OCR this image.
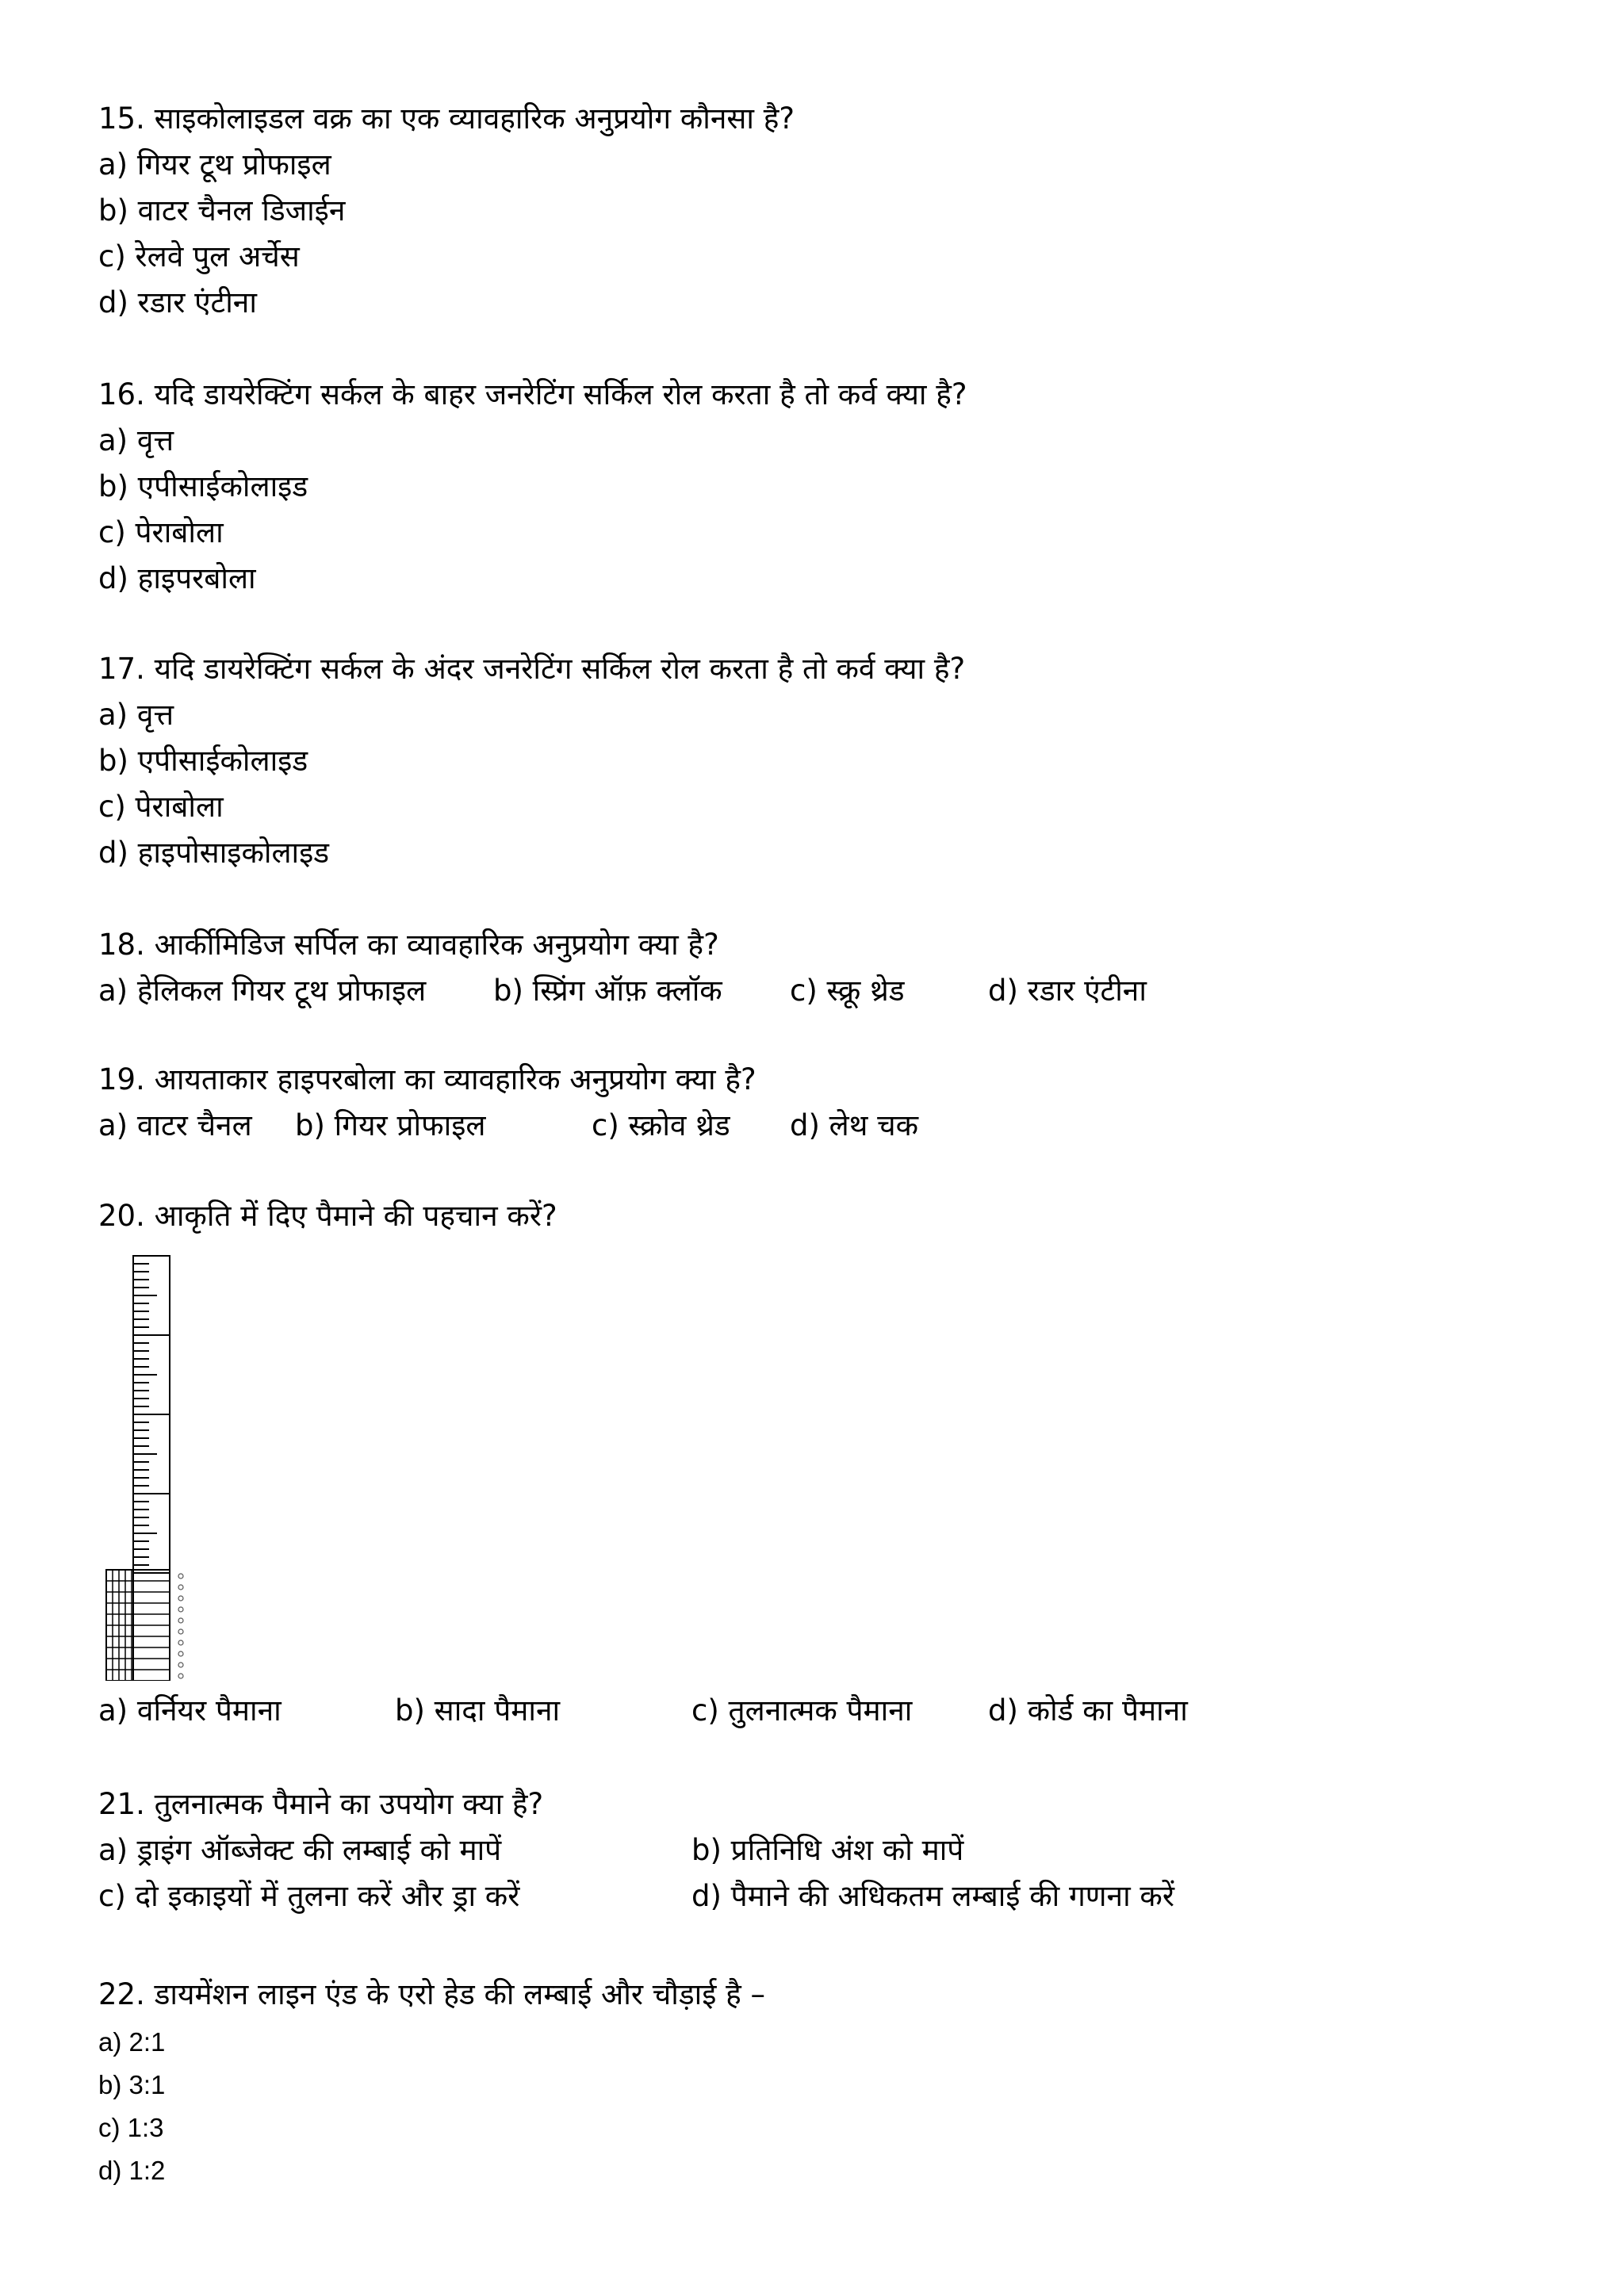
15. साइकोलाइडल वक्र का एक व्यावहारिक अनुप्रयोग कौनसा है?
a) गियर टूथ प्रोफाइल
b) वाटर चैनल डिजाईन
c) रेलवे पुल अर्चेस
d) रडार एंटीना
16. यदि डायरेक्टिंग सर्कल के बाहर जनरेटिंग सर्किल रोल करता है तो कर्व क्या है?
a) वृत्त
b) एपीसाईकोलाइड
c) पेराबोला
d) हाइपरबोला
17. यदि डायरेक्टिंग सर्कल के अंदर जनरेटिंग सर्किल रोल करता है तो कर्व क्या है?
a) वृत्त
b) एपीसाईकोलाइड
c) पेराबोला
d) हाइपोसाइकोलाइड
18. आर्कीमिडिज सर्पिल का व्यावहारिक अनुप्रयोग क्या है?
a) हेलिकल गियर टूथ प्रोफाइल b) स्प्रिंग ऑफ़ क्लॉक c) स्क्रू थ्रेड	d) रडार एंटीना
19. आयताकार हाइपरबोला का व्यावहारिक अनुप्रयोग क्या है?
a) वाटर चैनल b) गियर प्रोफाइल	c) स्क्रोव थ्रेड d) लेथ चक
20. आकृति में दिए पैमाने की पहचान करें?
a) वर्नियर पैमाना	b) सादा पैमाना	c) तुलनात्मक पैमाना	d) कोर्ड का पैमाना
21. तुलनात्मक पैमाने का उपयोग क्या है?
a) ड्राइंग ऑब्जेक्ट की लम्बाई को मापें	b) प्रतिनिधि अंश को मापें
c) दो इकाइयों में तुलना करें और ड्रा करें	d) पैमाने की अधिकतम लम्बाई की गणना करें
22. डायमेंशन लाइन एंड के एरो हेड की लम्बाई और चौड़ाई है –
a) 2:1
b) 3:1
c) 1:3
d) 1:2
